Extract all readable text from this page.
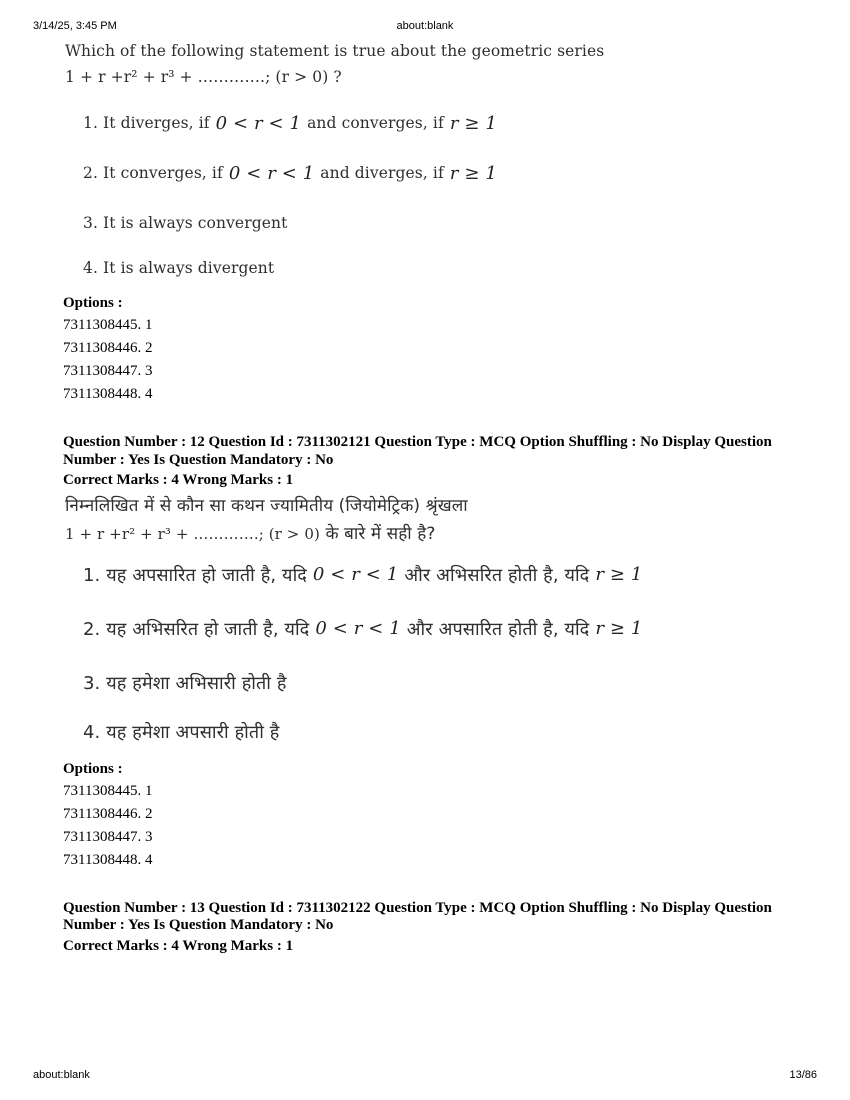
3/14/25, 3:45 PM	about:blank
Which of the following statement is true about the geometric series
1 + r +r² + r³ + ………….; (r > 0) ?
1. It diverges, if 0 < r < 1 and converges, if r ≥ 1
2. It converges, if 0 < r < 1 and diverges, if r ≥ 1
3. It is always convergent
4. It is always divergent
Options :
7311308445. 1
7311308446. 2
7311308447. 3
7311308448. 4
Question Number : 12 Question Id : 7311302121 Question Type : MCQ Option Shuffling : No Display Question
Number : Yes Is Question Mandatory : No
Correct Marks : 4 Wrong Marks : 1
निम्नलिखित में से कौन सा कथन ज्यामितीय (जियोमेट्रिक) श्रृंखला
1 + r +r² + r³ + ………….; (r > 0) के बारे में सही है?
1. यह अपसारित हो जाती है, यदि 0 < r < 1 और अभिसरित होती है, यदि r ≥ 1
2. यह अभिसरित हो जाती है, यदि 0 < r < 1 और अपसारित होती है, यदि r ≥ 1
3. यह हमेशा अभिसारी होती है
4. यह हमेशा अपसारी होती है
Options :
7311308445. 1
7311308446. 2
7311308447. 3
7311308448. 4
Question Number : 13 Question Id : 7311302122 Question Type : MCQ Option Shuffling : No Display Question
Number : Yes Is Question Mandatory : No
Correct Marks : 4 Wrong Marks : 1
about:blank	13/86
